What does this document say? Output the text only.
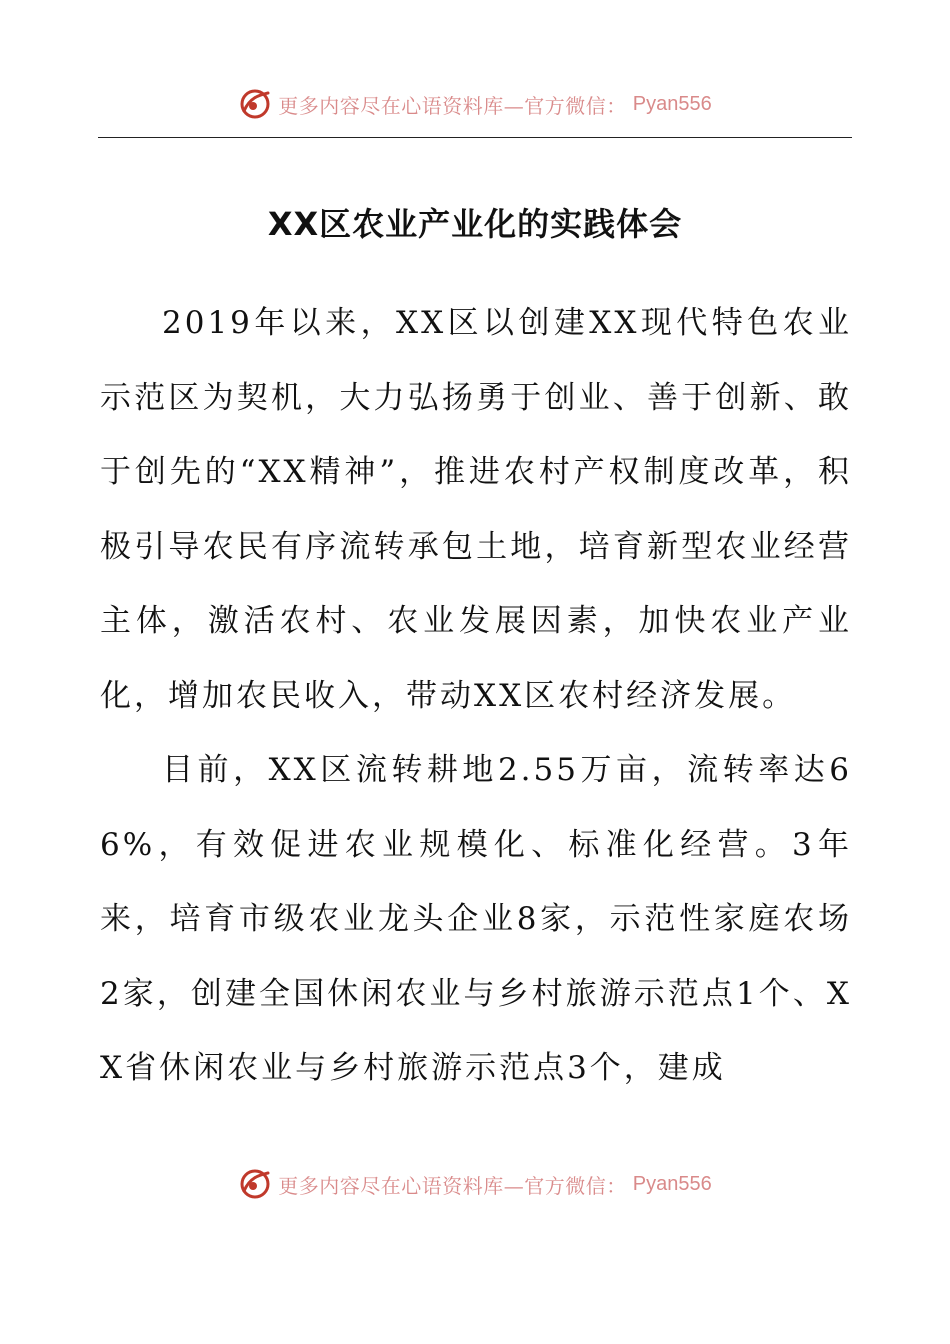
更多内容尽在心语资料库—官方微信： Pyan556
XX区农业产业化的实践体会

2019年以来，XX区以创建XX现代特色农业示范区为契机，大力弘扬勇于创业、善于创新、敢于创先的“XX精神”，推进农村产权制度改革，积极引导农民有序流转承包土地，培育新型农业经营主体，激活农村、农业发展因素，加快农业产业化，增加农民收入，带动XX区农村经济发展。

目前，XX区流转耕地2.55万亩，流转率达66%，有效促进农业规模化、标准化经营。3年来，培育市级农业龙头企业8家，示范性家庭农场2家，创建全国休闲农业与乡村旅游示范点1个、XX省休闲农业与乡村旅游示范点3个，建成

更多内容尽在心语资料库—官方微信： Pyan556
